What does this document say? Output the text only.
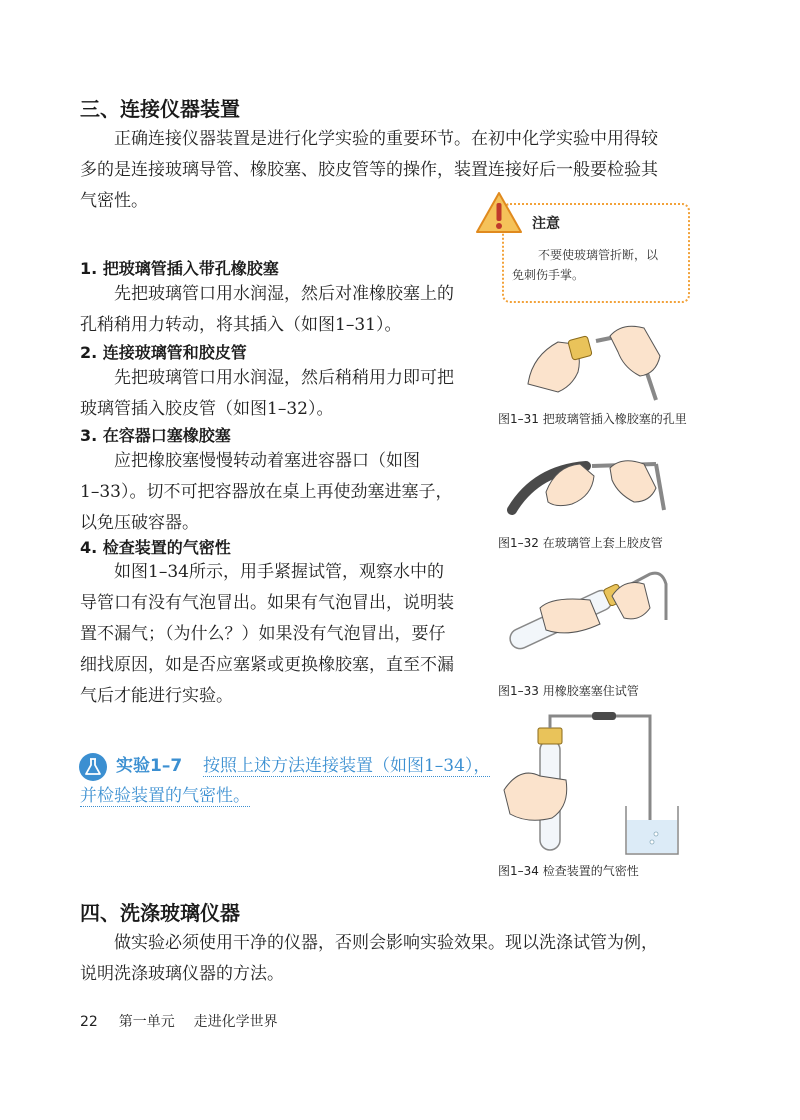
三、连接仪器装置
正确连接仪器装置是进行化学实验的重要环节。在初中化学实验中用得较
多的是连接玻璃导管、橡胶塞、胶皮管等的操作，装置连接好后一般要检验其
气密性。
注意
不要使玻璃管折断，以
免刺伤手掌。
1. 把玻璃管插入带孔橡胶塞
先把玻璃管口用水润湿，然后对准橡胶塞上的
孔稍稍用力转动，将其插入（如图1–31）。
2. 连接玻璃管和胶皮管
先把玻璃管口用水润湿，然后稍稍用力即可把
玻璃管插入胶皮管（如图1–32）。
3. 在容器口塞橡胶塞
应把橡胶塞慢慢转动着塞进容器口（如图
1–33）。切不可把容器放在桌上再使劲塞进塞子，
以免压破容器。
4. 检查装置的气密性
如图1–34所示，用手紧握试管，观察水中的
导管口有没有气泡冒出。如果有气泡冒出，说明装
置不漏气；（为什么？）如果没有气泡冒出，要仔
细找原因，如是否应塞紧或更换橡胶塞，直至不漏
气后才能进行实验。
实验1–7 按照上述方法连接装置（如图1–34），
并检验装置的气密性。
图1–31 把玻璃管插入橡胶塞的孔里
图1–32 在玻璃管上套上胶皮管
图1–33 用橡胶塞塞住试管
图1–34 检查装置的气密性
四、洗涤玻璃仪器
做实验必须使用干净的仪器，否则会影响实验效果。现以洗涤试管为例，
说明洗涤玻璃仪器的方法。
22 第一单元 走进化学世界
